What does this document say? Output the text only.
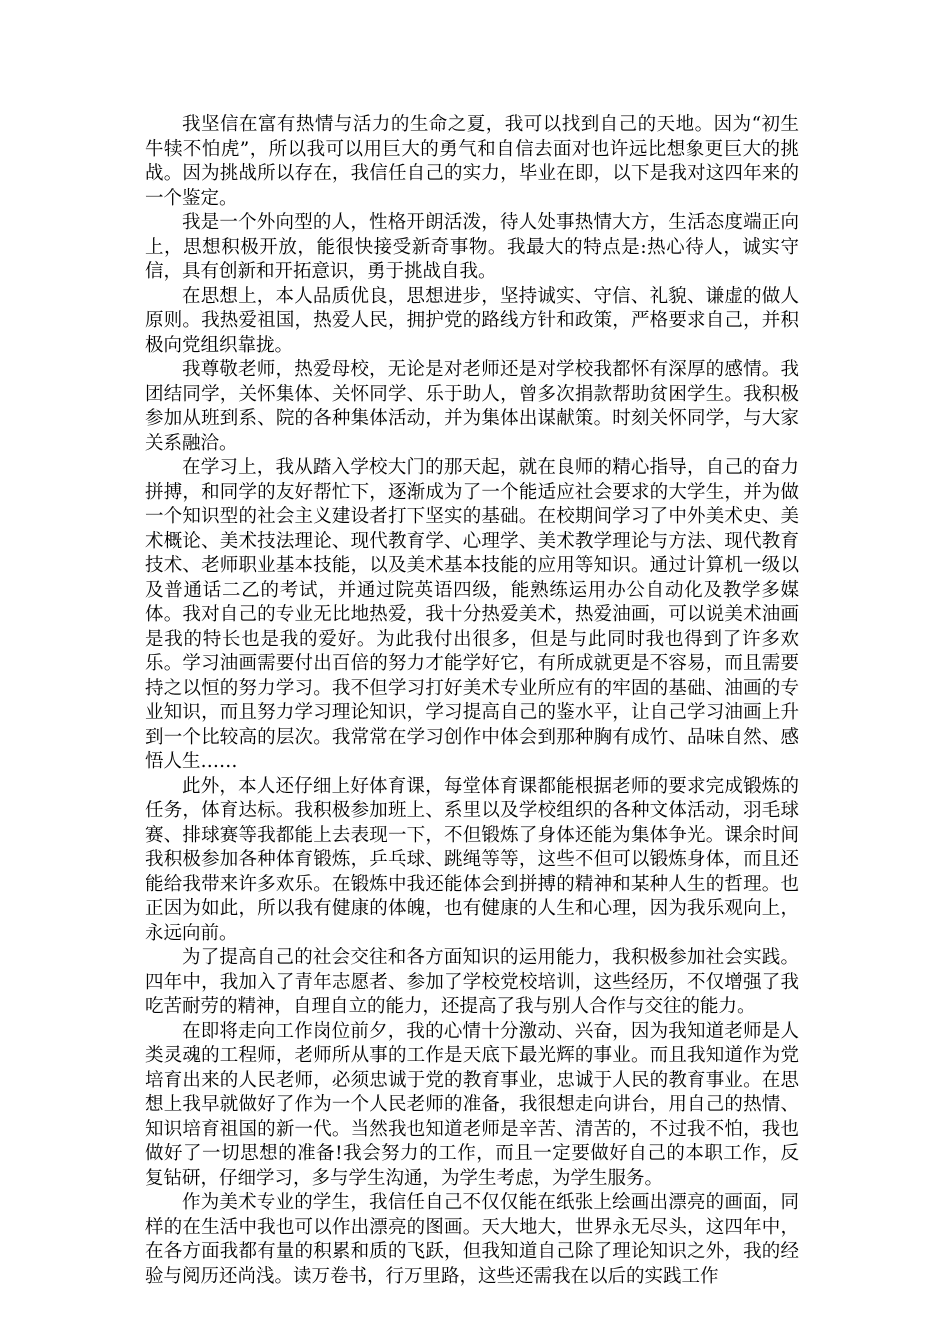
我坚信在富有热情与活力的生命之夏，我可以找到自己的天地。因为“初生牛犊不怕虎”，所以我可以用巨大的勇气和自信去面对也许远比想象更巨大的挑战。因为挑战所以存在，我信任自己的实力，毕业在即，以下是我对这四年来的一个鉴定。

我是一个外向型的人，性格开朗活泼，待人处事热情大方，生活态度端正向上，思想积极开放，能很快接受新奇事物。我最大的特点是:热心待人，诚实守信，具有创新和开拓意识，勇于挑战自我。

在思想上，本人品质优良，思想进步，坚持诚实、守信、礼貌、谦虚的做人原则。我热爱祖国，热爱人民，拥护党的路线方针和政策，严格要求自己，并积极向党组织靠拢。

我尊敬老师，热爱母校，无论是对老师还是对学校我都怀有深厚的感情。我团结同学，关怀集体、关怀同学、乐于助人，曾多次捐款帮助贫困学生。我积极参加从班到系、院的各种集体活动，并为集体出谋献策。时刻关怀同学，与大家关系融洽。

在学习上，我从踏入学校大门的那天起，就在良师的精心指导，自己的奋力拼搏，和同学的友好帮忙下，逐渐成为了一个能适应社会要求的大学生，并为做一个知识型的社会主义建设者打下坚实的基础。在校期间学习了中外美术史、美术概论、美术技法理论、现代教育学、心理学、美术教学理论与方法、现代教育技术、老师职业基本技能，以及美术基本技能的应用等知识。通过计算机一级以及普通话二乙的考试，并通过院英语四级，能熟练运用办公自动化及教学多媒体。我对自己的专业无比地热爱，我十分热爱美术，热爱油画，可以说美术油画是我的特长也是我的爱好。为此我付出很多，但是与此同时我也得到了许多欢乐。学习油画需要付出百倍的努力才能学好它，有所成就更是不容易，而且需要持之以恒的努力学习。我不但学习打好美术专业所应有的牢固的基础、油画的专业知识，而且努力学习理论知识，学习提高自己的鉴水平，让自己学习油画上升到一个比较高的层次。我常常在学习创作中体会到那种胸有成竹、品味自然、感悟人生……

此外，本人还仔细上好体育课，每堂体育课都能根据老师的要求完成锻炼的任务，体育达标。我积极参加班上、系里以及学校组织的各种文体活动，羽毛球赛、排球赛等我都能上去表现一下，不但锻炼了身体还能为集体争光。课余时间我积极参加各种体育锻炼，乒乓球、跳绳等等，这些不但可以锻炼身体，而且还能给我带来许多欢乐。在锻炼中我还能体会到拼搏的精神和某种人生的哲理。也正因为如此，所以我有健康的体魄，也有健康的人生和心理，因为我乐观向上，永远向前。

为了提高自己的社会交往和各方面知识的运用能力，我积极参加社会实践。四年中，我加入了青年志愿者、参加了学校党校培训，这些经历，不仅增强了我吃苦耐劳的精神，自理自立的能力，还提高了我与别人合作与交往的能力。

在即将走向工作岗位前夕，我的心情十分激动、兴奋，因为我知道老师是人类灵魂的工程师，老师所从事的工作是天底下最光辉的事业。而且我知道作为党培育出来的人民老师，必须忠诚于党的教育事业，忠诚于人民的教育事业。在思想上我早就做好了作为一个人民老师的准备，我很想走向讲台，用自己的热情、知识培育祖国的新一代。当然我也知道老师是辛苦、清苦的，不过我不怕，我也做好了一切思想的准备!我会努力的工作，而且一定要做好自己的本职工作，反复钻研，仔细学习，多与学生沟通，为学生考虑，为学生服务。

作为美术专业的学生，我信任自己不仅仅能在纸张上绘画出漂亮的画面，同样的在生活中我也可以作出漂亮的图画。天大地大，世界永无尽头，这四年中，在各方面我都有量的积累和质的飞跃，但我知道自己除了理论知识之外，我的经验与阅历还尚浅。读万卷书，行万里路，这些还需我在以后的实践工作
